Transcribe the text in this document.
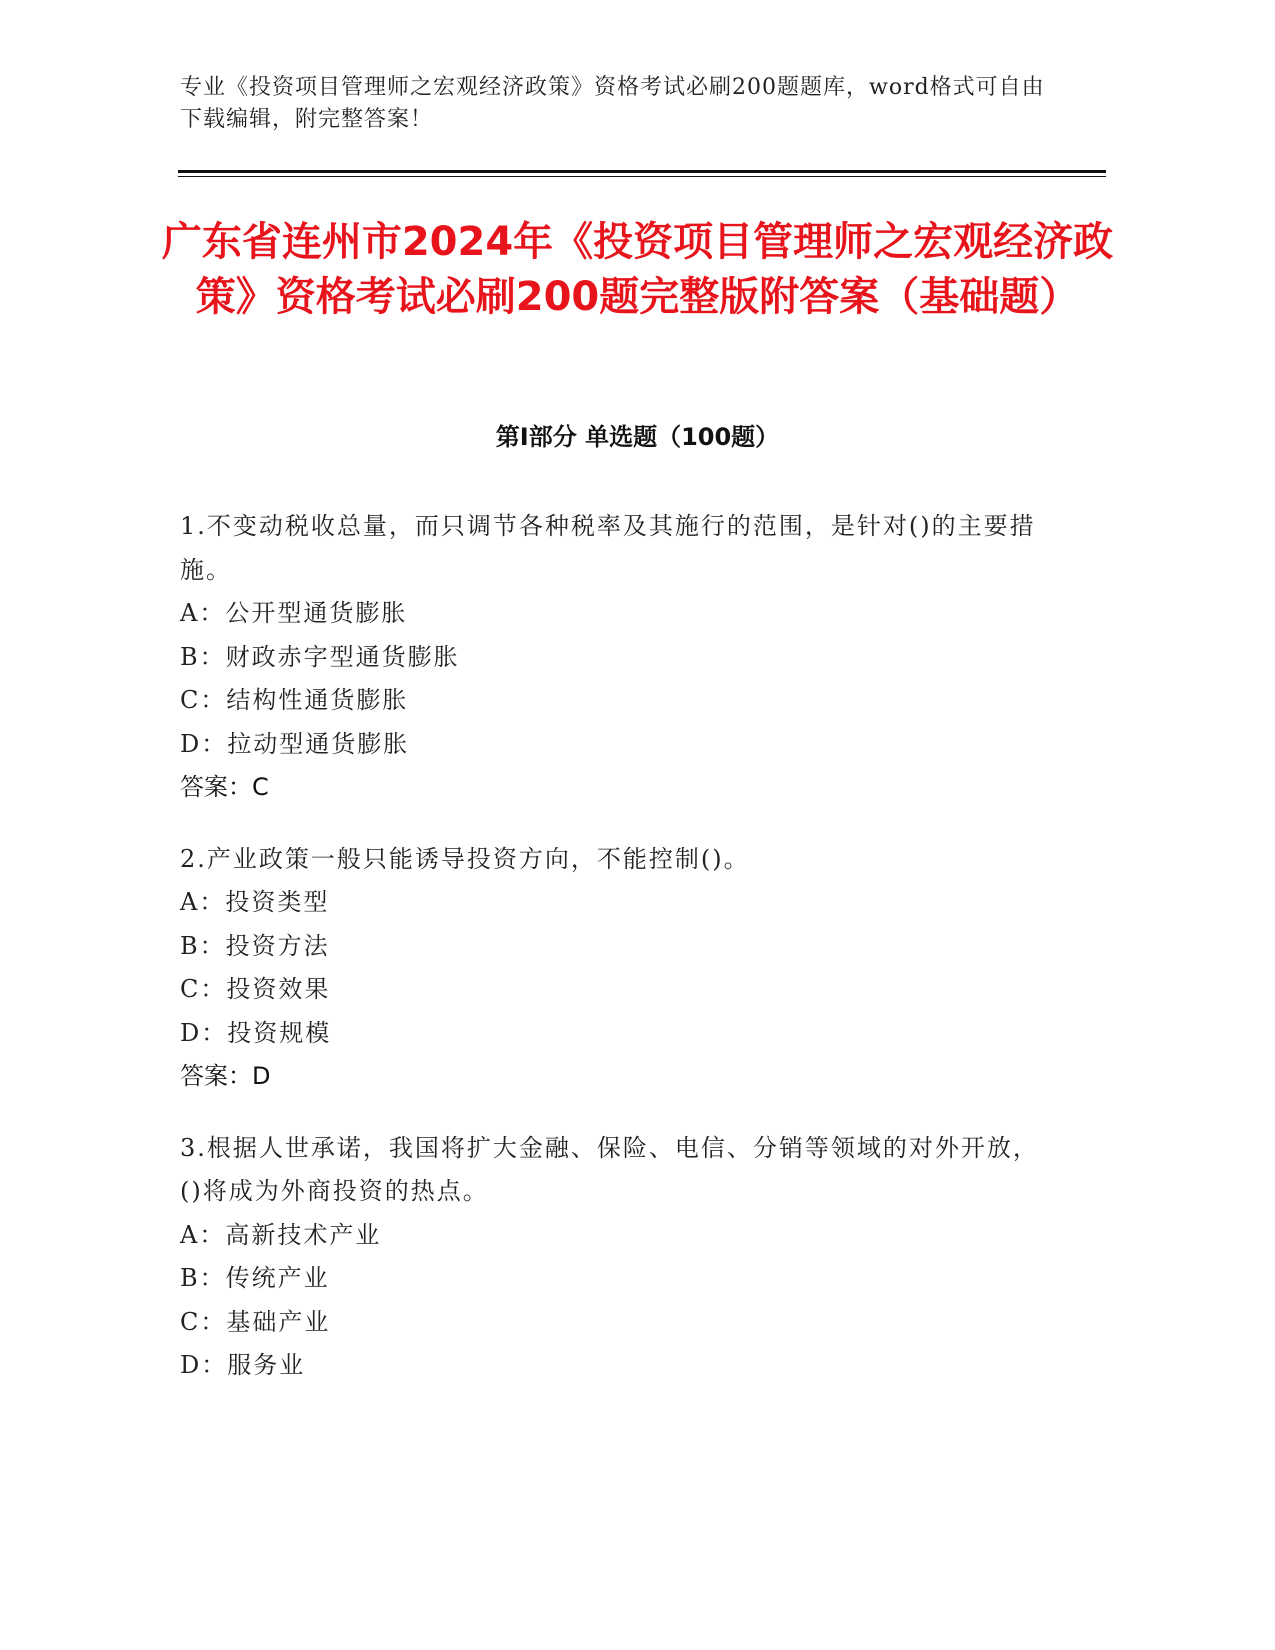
专业《投资项目管理师之宏观经济政策》资格考试必刷200题题库，word格式可自由下载编辑，附完整答案！
广东省连州市2024年《投资项目管理师之宏观经济政策》资格考试必刷200题完整版附答案（基础题）
第Ⅰ部分 单选题（100题）
1.不变动税收总量，而只调节各种税率及其施行的范围，是针对()的主要措施。
A：公开型通货膨胀
B：财政赤字型通货膨胀
C：结构性通货膨胀
D：拉动型通货膨胀
答案：C
2.产业政策一般只能诱导投资方向，不能控制()。
A：投资类型
B：投资方法
C：投资效果
D：投资规模
答案：D
3.根据人世承诺，我国将扩大金融、保险、电信、分销等领域的对外开放，()将成为外商投资的热点。
A：高新技术产业
B：传统产业
C：基础产业
D：服务业
